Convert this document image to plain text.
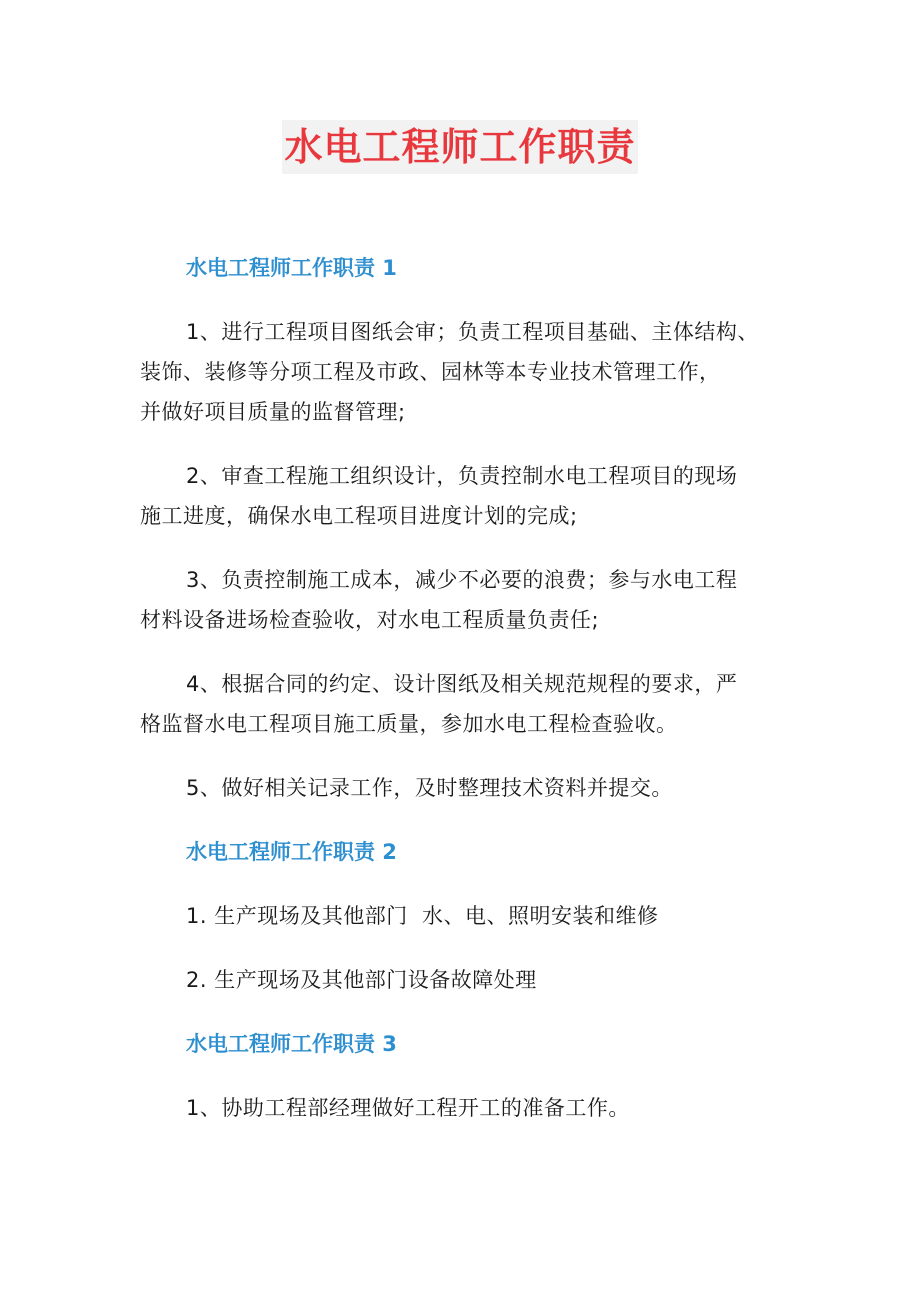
水电工程师工作职责
水电工程师工作职责 1

1、进行工程项目图纸会审；负责工程项目基础、主体结构、
装饰、装修等分项工程及市政、园林等本专业技术管理工作，
并做好项目质量的监督管理;

2、审查工程施工组织设计，负责控制水电工程项目的现场
施工进度，确保水电工程项目进度计划的完成;

3、负责控制施工成本，减少不必要的浪费；参与水电工程
材料设备进场检查验收，对水电工程质量负责任;

4、根据合同的约定、设计图纸及相关规范规程的要求，严
格监督水电工程项目施工质量，参加水电工程检查验收。

5、做好相关记录工作，及时整理技术资料并提交。

水电工程师工作职责 2

1. 生产现场及其他部门  水、电、照明安装和维修

2. 生产现场及其他部门设备故障处理

水电工程师工作职责 3

1、协助工程部经理做好工程开工的准备工作。
